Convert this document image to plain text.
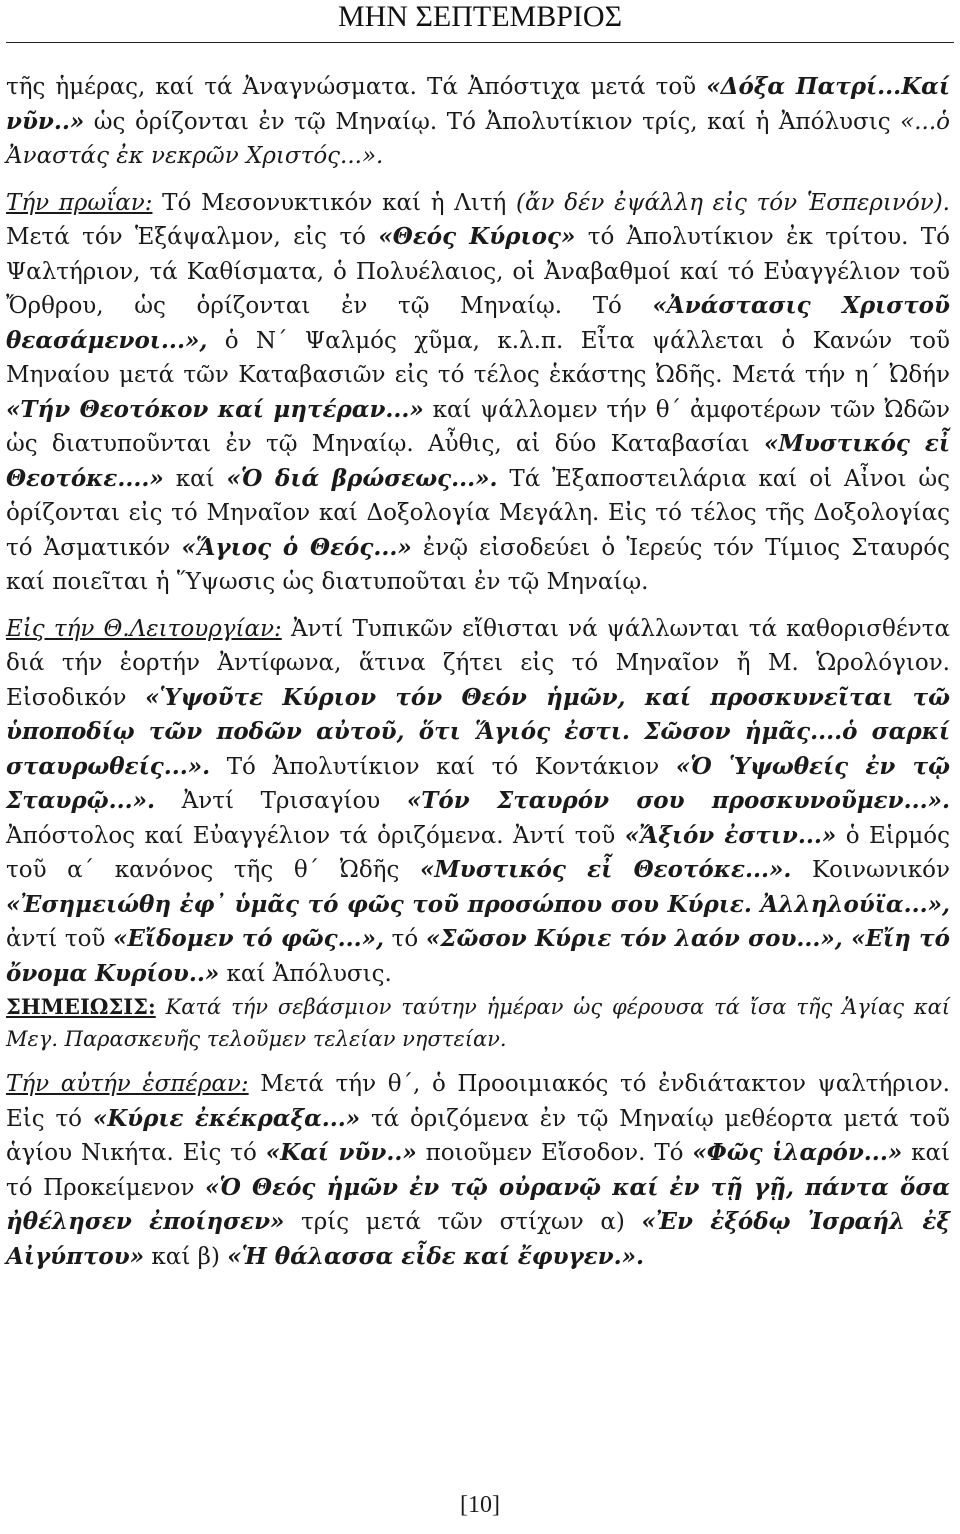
ΜΗΝ ΣΕΠΤΕΜΒΡΙΟΣ

τῆς ἡμέρας, καί τά Ἀναγνώσματα. Τά Ἀπόστιχα μετά τοῦ «Δόξα Πατρί...Καί νῦν..» ὡς ὁρίζονται ἐν τῷ Μηναίῳ. Τό Ἀπολυτίκιον τρίς, καί ἡ Ἀπόλυσις «...ὁ Ἀναστάς ἐκ νεκρῶν Χριστός...».

Τήν πρωΐαν: Τό Μεσονυκτικόν καί ἡ Λιτή (ἄν δέν ἐψάλλη εἰς τόν Ἑσπερινόν). Μετά τόν Ἑξάψαλμον, εἰς τό «Θεός Κύριος» τό Ἀπολυτίκιον ἐκ τρίτου. Τό Ψαλτήριον, τά Καθίσματα, ὁ Πολυέλαιος, οἱ Ἀναβαθμοί καί τό Εὐαγγέλιον τοῦ Ὄρθρου, ὡς ὁρίζονται ἐν τῷ Μηναίῳ. Τό «Ἀνάστασις Χριστοῦ θεασάμενοι...», ὁ Ν΄ Ψαλμός χῦμα, κ.λ.π. Εἶτα ψάλλεται ὁ Κανών τοῦ Μηναίου μετά τῶν Καταβασιῶν εἰς τό τέλος ἑκάστης Ὠδῆς. Μετά τήν η΄ Ὠδήν «Τήν Θεοτόκον καί μητέραν...» καί ψάλλομεν τήν θ΄ ἀμφοτέρων τῶν Ὠδῶν ὡς διατυποῦνται ἐν τῷ Μηναίῳ. Αὖθις, αἱ δύο Καταβασίαι «Μυστικός εἶ Θεοτόκε....» καί «Ὁ διά βρώσεως...». Τά Ἐξαποστειλάρια καί οἱ Αἶνοι ὡς ὁρίζονται εἰς τό Μηναῖον καί Δοξολογία Μεγάλη. Εἰς τό τέλος τῆς Δοξολογίας τό Ἀσματικόν «Ἅγιος ὁ Θεός...» ἐνῷ εἰσοδεύει ὁ Ἱερεύς τόν Τίμιος Σταυρός καί ποιεῖται ἡ Ὕψωσις ὡς διατυποῦται ἐν τῷ Μηναίῳ.

Εἰς τήν Θ.Λειτουργίαν: Ἀντί Τυπικῶν εἴθισται νά ψάλλωνται τά καθορισθέντα διά τήν ἑορτήν Ἀντίφωνα, ἅτινα ζήτει εἰς τό Μηναῖον ἤ Μ. Ὡρολόγιον. Εἰσοδικόν «Ὑψοῦτε Κύριον τόν Θεόν ἡμῶν, καί προσκυνεῖται τῶ ὑποποδίῳ τῶν ποδῶν αὐτοῦ, ὅτι Ἅγιός ἐστι. Σῶσον ἡμᾶς....ὁ σαρκί σταυρωθείς...». Τό Ἀπολυτίκιον καί τό Κοντάκιον «Ὁ Ὑψωθείς ἐν τῷ Σταυρῷ...». Ἀντί Τρισαγίου «Τόν Σταυρόν σου προσκυνοῦμεν...». Ἀπόστολος καί Εὐαγγέλιον τά ὁριζόμενα. Ἀντί τοῦ «Ἄξιόν ἐστιν...» ὁ Εἱρμός τοῦ α΄ κανόνος τῆς θ΄ Ὠδῆς «Μυστικός εἶ Θεοτόκε...». Κοινωνικόν «Ἐσημειώθη ἐφ᾽ ὑμᾶς τό φῶς τοῦ προσώπου σου Κύριε. Ἀλληλούϊα...», ἀντί τοῦ «Εἴδομεν τό φῶς...», τό «Σῶσον Κύριε τόν λαόν σου...», «Εἴη τό ὄνομα Κυρίου..» καί Ἀπόλυσις.

ΣΗΜΕΙΩΣΙΣ: Κατά τήν σεβάσμιον ταύτην ἡμέραν ὡς φέρουσα τά ἴσα τῆς Ἁγίας καί Μεγ. Παρασκευῆς τελοῦμεν τελείαν νηστείαν.

Τήν αὐτήν ἑσπέραν: Μετά τήν θ΄, ὁ Προοιμιακός τό ἐνδιάτακτον ψαλτήριον. Εἰς τό «Κύριε ἐκέκραξα...» τά ὁριζόμενα ἐν τῷ Μηναίῳ μεθέορτα μετά τοῦ ἁγίου Νικήτα. Εἰς τό «Καί νῦν..» ποιοῦμεν Εἴσοδον. Τό «Φῶς ἱλαρόν...» καί τό Προκείμενον «Ὁ Θεός ἡμῶν ἐν τῷ οὐρανῷ καί ἐν τῇ γῇ, πάντα ὅσα ἠθέλησεν ἐποίησεν» τρίς μετά τῶν στίχων α) «Ἐν ἐξόδῳ Ἰσραήλ ἐξ Αἰγύπτου» καί β) «Ἡ θάλασσα εἶδε καί ἔφυγεν.».

[10]
